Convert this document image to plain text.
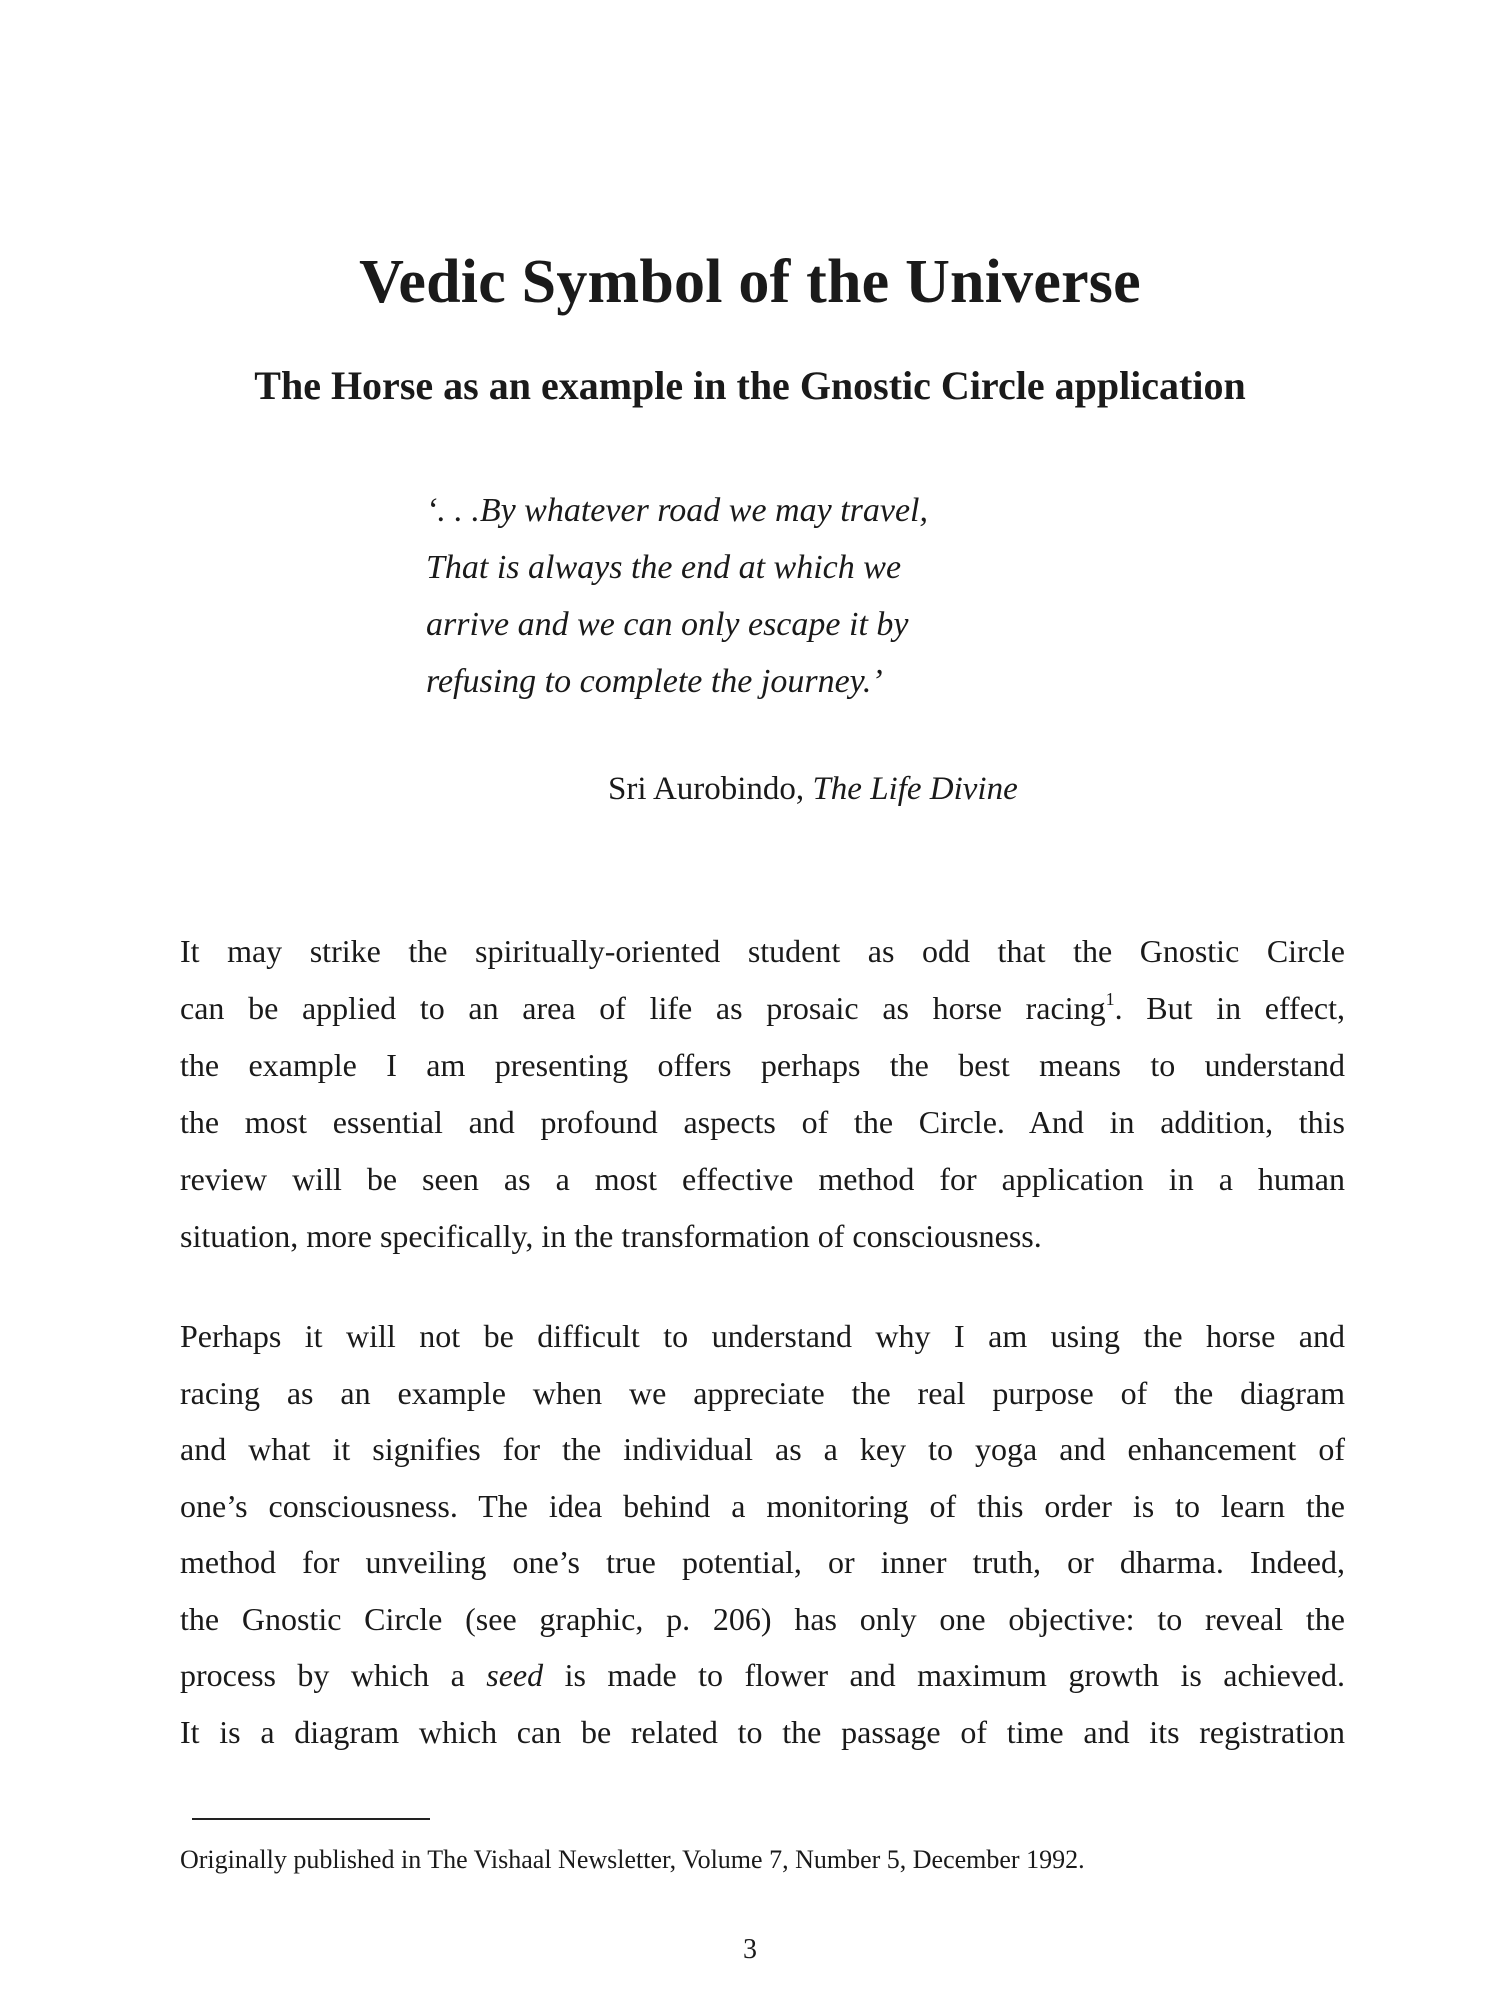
Vedic Symbol of the Universe
The Horse as an example in the Gnostic Circle application
‘. . .By whatever road we may travel,
That is always the end at which we
arrive and we can only escape it by
refusing to complete the journey.’
Sri Aurobindo, The Life Divine
It may strike the spiritually-oriented student as odd that the Gnostic Circle
can be applied to an area of life as prosaic as horse racing$^1$. But in effect,
the example I am presenting offers perhaps the best means to understand
the most essential and profound aspects of the Circle. And in addition, this
review will be seen as a most effective method for application in a human
situation, more specifically, in the transformation of consciousness.
Perhaps it will not be difficult to understand why I am using the horse and
racing as an example when we appreciate the real purpose of the diagram
and what it signifies for the individual as a key to yoga and enhancement of
one’s consciousness. The idea behind a monitoring of this order is to learn the
method for unveiling one’s true potential, or inner truth, or dharma. Indeed,
the Gnostic Circle (see graphic, p. 206) has only one objective: to reveal the
process by which a seed is made to flower and maximum growth is achieved.
It is a diagram which can be related to the passage of time and its registration
Originally published in The Vishaal Newsletter, Volume 7, Number 5, December 1992.
3
